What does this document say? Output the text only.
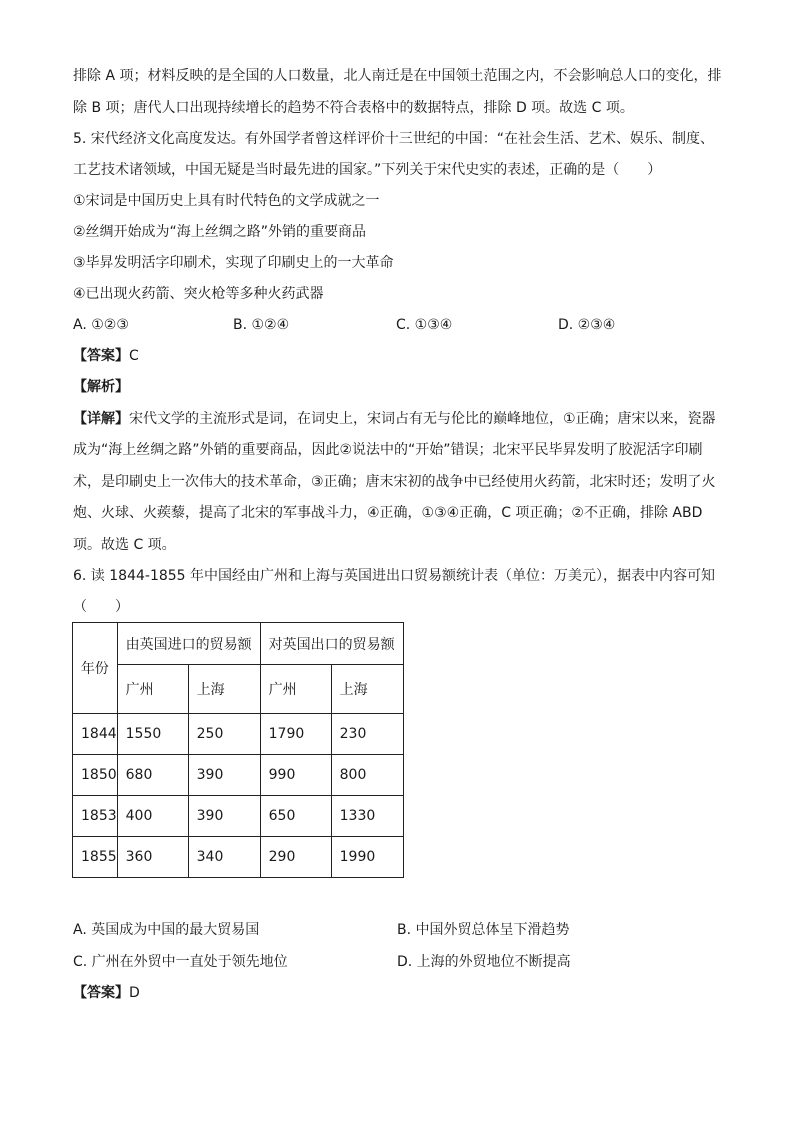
排除 A 项；材料反映的是全国的人口数量，北人南迁是在中国领土范围之内，不会影响总人口的变化，排
除 B 项；唐代人口出现持续增长的趋势不符合表格中的数据特点，排除 D 项。故选 C 项。
5. 宋代经济文化高度发达。有外国学者曾这样评价十三世纪的中国：“在社会生活、艺术、娱乐、制度、
工艺技术诸领域，中国无疑是当时最先进的国家。”下列关于宋代史实的表述，正确的是（　　）
①宋词是中国历史上具有时代特色的文学成就之一
②丝绸开始成为“海上丝绸之路”外销的重要商品
③毕昇发明活字印刷术，实现了印刷史上的一大革命
④已出现火药箭、突火枪等多种火药武器
A. ①②③	B. ①②④	C. ①③④	D. ②③④
【答案】C
【解析】
【详解】宋代文学的主流形式是词，在词史上，宋词占有无与伦比的巅峰地位，①正确；唐宋以来，瓷器
成为“海上丝绸之路”外销的重要商品，因此②说法中的“开始”错误；北宋平民毕昇发明了胶泥活字印刷
术，是印刷史上一次伟大的技术革命，③正确；唐末宋初的战争中已经使用火药箭，北宋时还；发明了火
炮、火球、火蒺藜，提高了北宋的军事战斗力，④正确，①③④正确，C 项正确；②不正确，排除 ABD
项。故选 C 项。
6. 读 1844-1855 年中国经由广州和上海与英国进出口贸易额统计表（单位：万美元），据表中内容可知
（　　）
年份	由英国进口的贸易额		对英国出口的贸易额	
	广州	上海	广州	上海
1844	1550	250	1790	230
1850	680	390	990	800
1853	400	390	650	1330
1855	360	340	290	1990
A. 英国成为中国的最大贸易国	B. 中国外贸总体呈下滑趋势
C. 广州在外贸中一直处于领先地位	D. 上海的外贸地位不断提高
【答案】D
